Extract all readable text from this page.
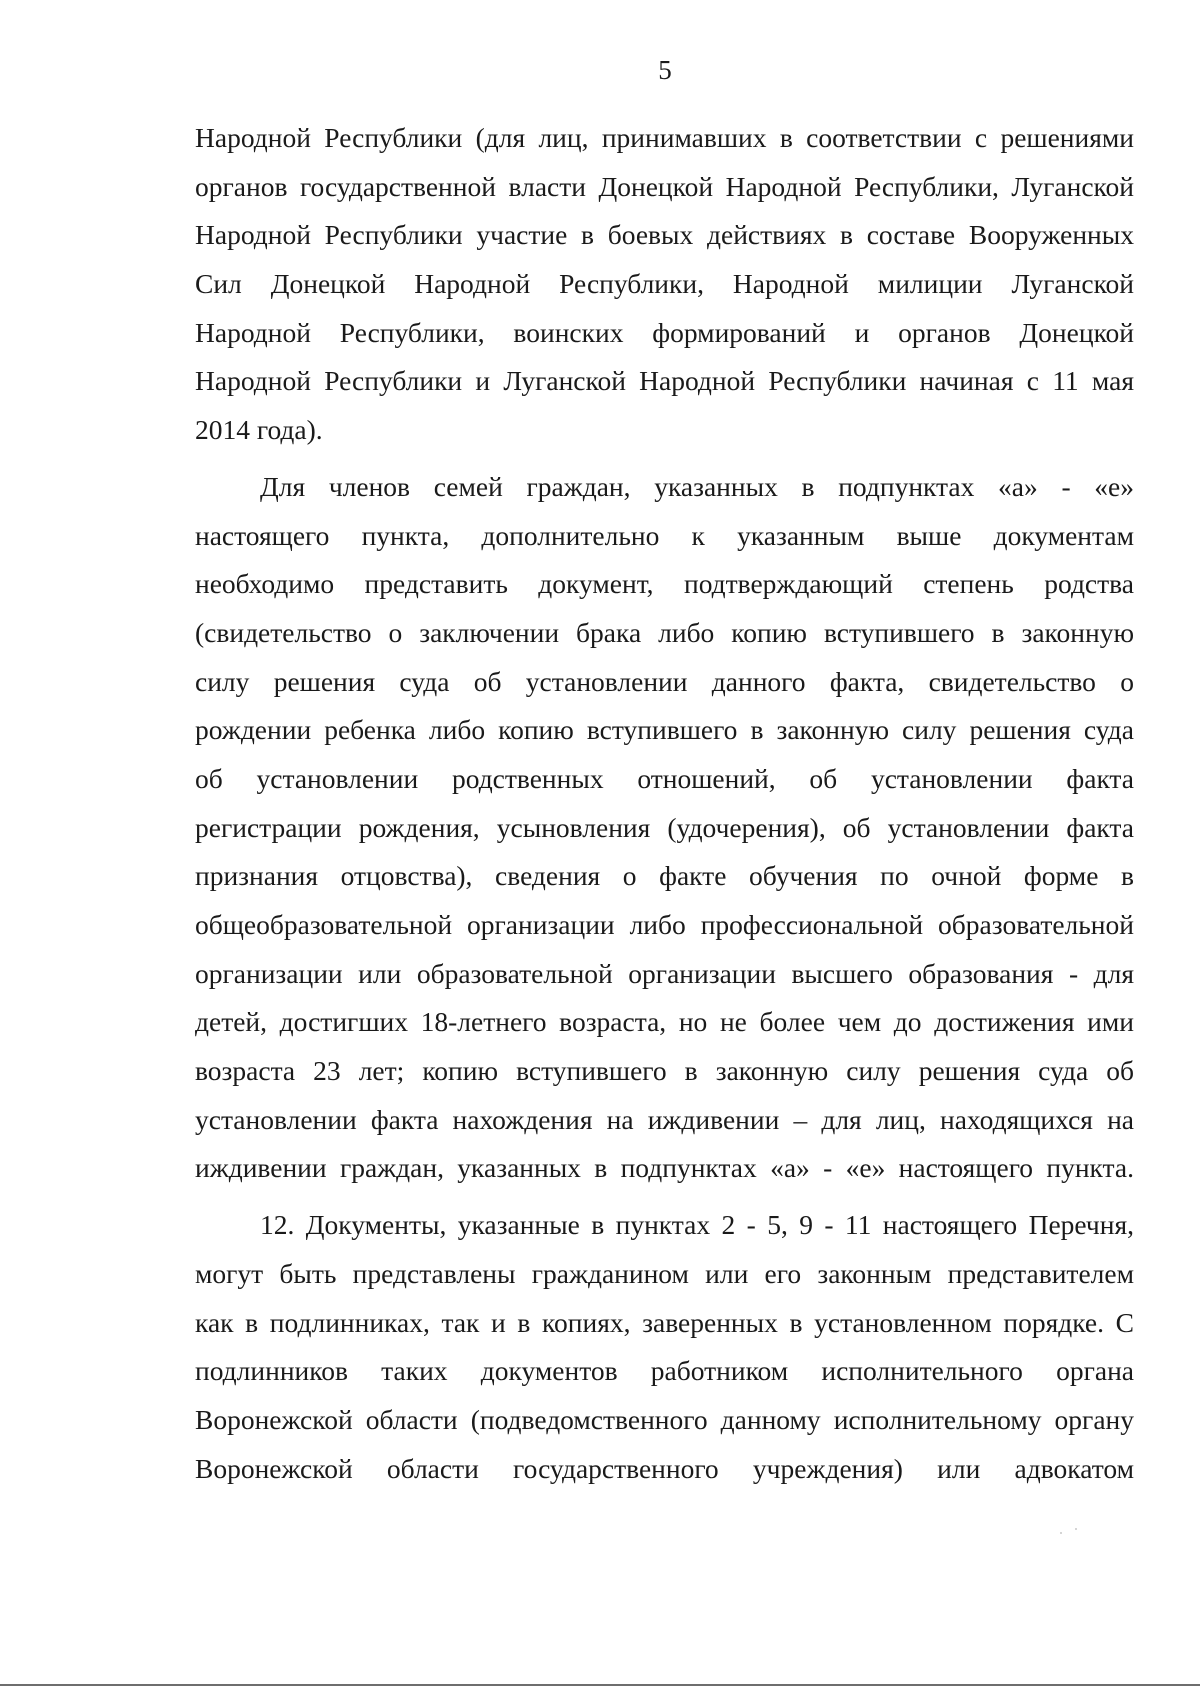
5
Народной Республики (для лиц, принимавших в соответствии с решениями
органов государственной власти Донецкой Народной Республики, Луганской
Народной Республики участие в боевых действиях в составе Вооруженных
Сил Донецкой Народной Республики, Народной милиции Луганской
Народной Республики, воинских формирований и органов Донецкой
Народной Республики и Луганской Народной Республики начиная с 11 мая
2014 года).
Для членов семей граждан, указанных в подпунктах «а» - «е»
настоящего пункта, дополнительно к указанным выше документам
необходимо представить документ, подтверждающий степень родства
(свидетельство о заключении брака либо копию вступившего в законную
силу решения суда об установлении данного факта, свидетельство о
рождении ребенка либо копию вступившего в законную силу решения суда
об установлении родственных отношений, об установлении факта
регистрации рождения, усыновления (удочерения), об установлении факта
признания отцовства), сведения о факте обучения по очной форме в
общеобразовательной организации либо профессиональной образовательной
организации или образовательной организации высшего образования - для
детей, достигших 18-летнего возраста, но не более чем до достижения ими
возраста 23 лет; копию вступившего в законную силу решения суда об
установлении факта нахождения на иждивении – для лиц, находящихся на
иждивении граждан, указанных в подпунктах «а» - «е» настоящего пункта.
12. Документы, указанные в пунктах 2 - 5, 9 - 11 настоящего Перечня,
могут быть представлены гражданином или его законным представителем
как в подлинниках, так и в копиях, заверенных в установленном порядке. С
подлинников таких документов работником исполнительного органа
Воронежской области (подведомственного данному исполнительному органу
Воронежской области государственного учреждения) или адвокатом
